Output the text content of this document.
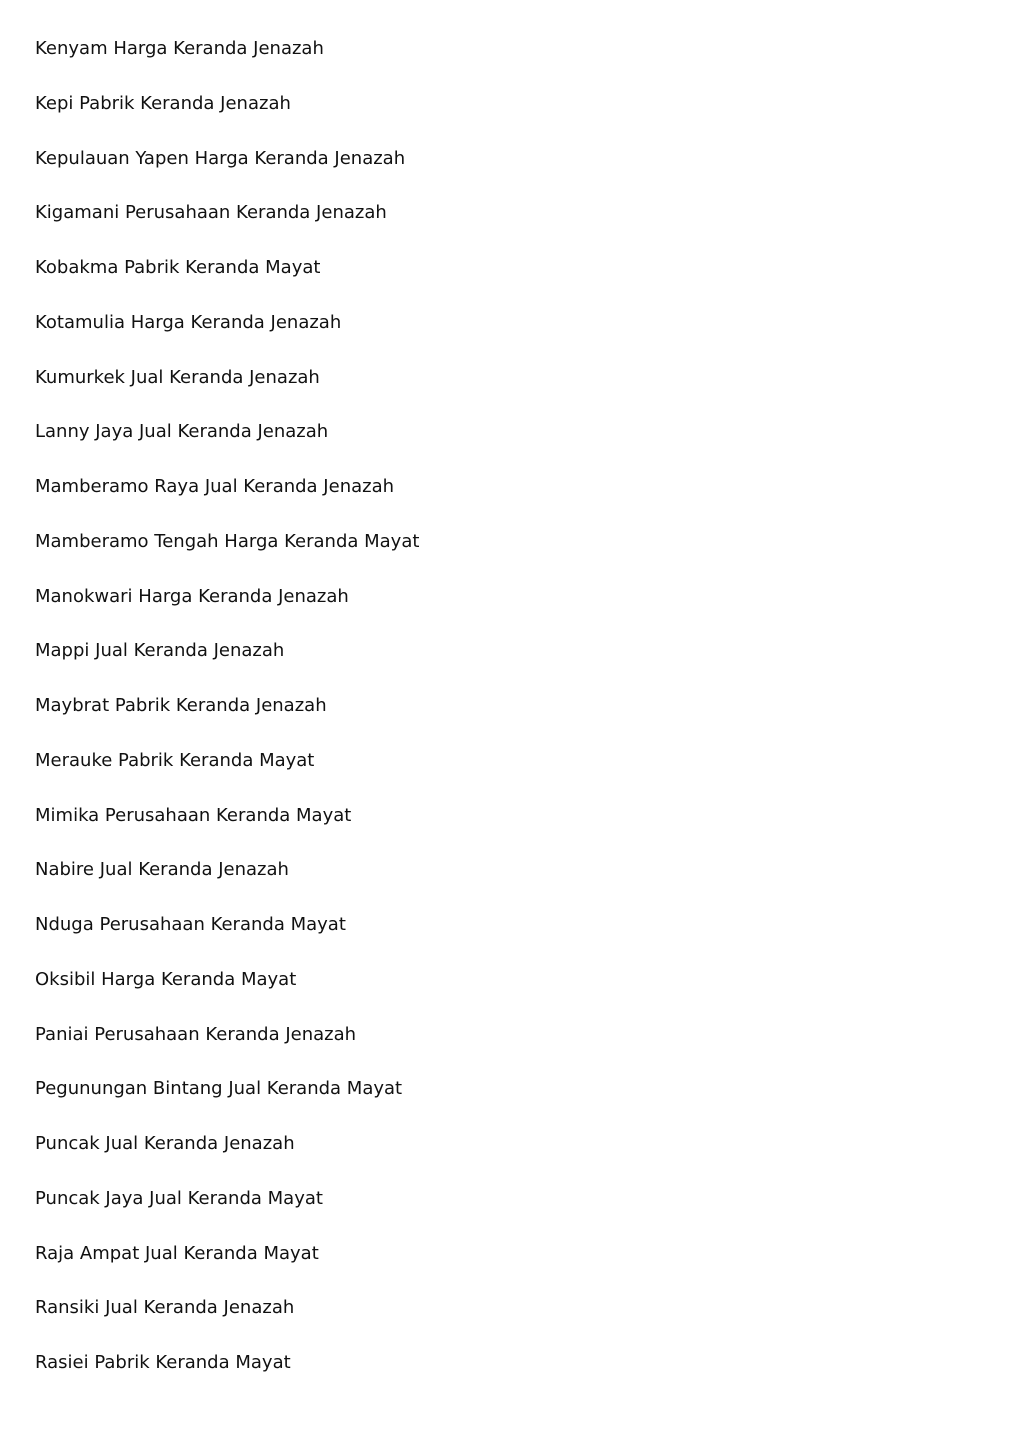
Kenyam Harga Keranda Jenazah
Kepi Pabrik Keranda Jenazah
Kepulauan Yapen Harga Keranda Jenazah
Kigamani Perusahaan Keranda Jenazah
Kobakma Pabrik Keranda Mayat
Kotamulia Harga Keranda Jenazah
Kumurkek Jual Keranda Jenazah
Lanny Jaya Jual Keranda Jenazah
Mamberamo Raya Jual Keranda Jenazah
Mamberamo Tengah Harga Keranda Mayat
Manokwari Harga Keranda Jenazah
Mappi Jual Keranda Jenazah
Maybrat Pabrik Keranda Jenazah
Merauke Pabrik Keranda Mayat
Mimika Perusahaan Keranda Mayat
Nabire Jual Keranda Jenazah
Nduga Perusahaan Keranda Mayat
Oksibil Harga Keranda Mayat
Paniai Perusahaan Keranda Jenazah
Pegunungan Bintang Jual Keranda Mayat
Puncak Jual Keranda Jenazah
Puncak Jaya Jual Keranda Mayat
Raja Ampat Jual Keranda Mayat
Ransiki Jual Keranda Jenazah
Rasiei Pabrik Keranda Mayat
